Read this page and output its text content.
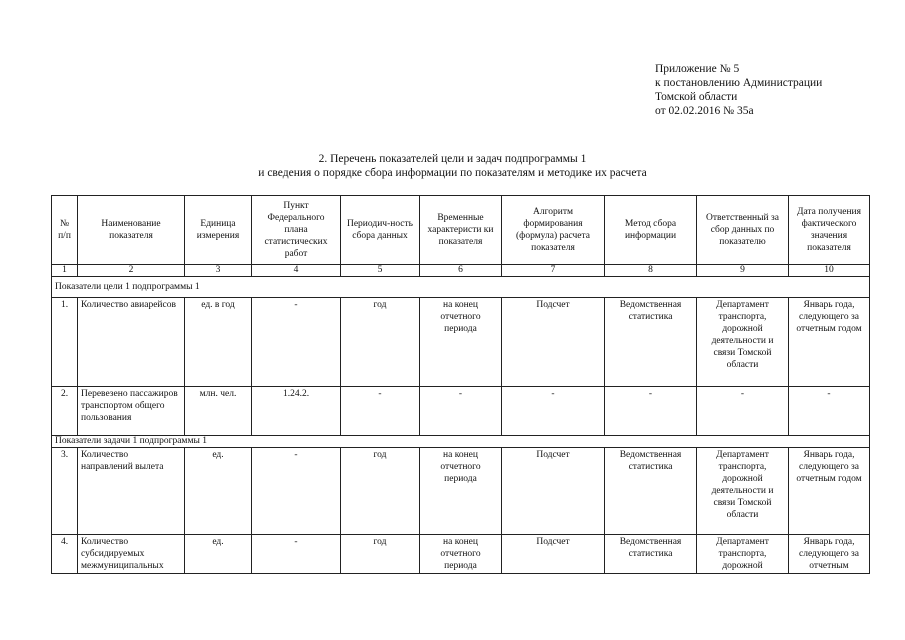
Приложение № 5
к постановлению Администрации
Томской области
от 02.02.2016 № 35а
2. Перечень показателей цели и задач подпрограммы 1
и сведения о порядке сбора информации по показателям и методике их расчета
№ п/п	Наименование показателя	Единица измерения	Пункт Федерального плана статистических работ	Периодич-ность сбора данных	Временные характеристи ки показателя	Алгоритм формирования (формула) расчета показателя	Метод сбора информации	Ответственный за сбор данных по показателю	Дата получения фактического значения показателя
1	2	3	4	5	6	7	8	9	10
Показатели цели 1 подпрограммы 1									
1.	Количество авиарейсов	ед. в год	-	год	на конец отчетного периода	Подсчет	Ведомственная статистика	Департамент транспорта, дорожной деятельности и связи Томской области	Январь года, следующего за отчетным годом
2.	Перевезено пассажиров транспортом общего пользования	млн. чел.	1.24.2.	-	-	-	-	-	-
Показатели задачи 1 подпрограммы 1									
3.	Количество направлений вылета	ед.	-	год	на конец отчетного периода	Подсчет	Ведомственная статистика	Департамент транспорта, дорожной деятельности и связи Томской области	Январь года, следующего за отчетным годом
4.	Количество субсидируемых межмуниципальных	ед.	-	год	на конец отчетного периода	Подсчет	Ведомственная статистика	Департамент транспорта, дорожной	Январь года, следующего за отчетным
